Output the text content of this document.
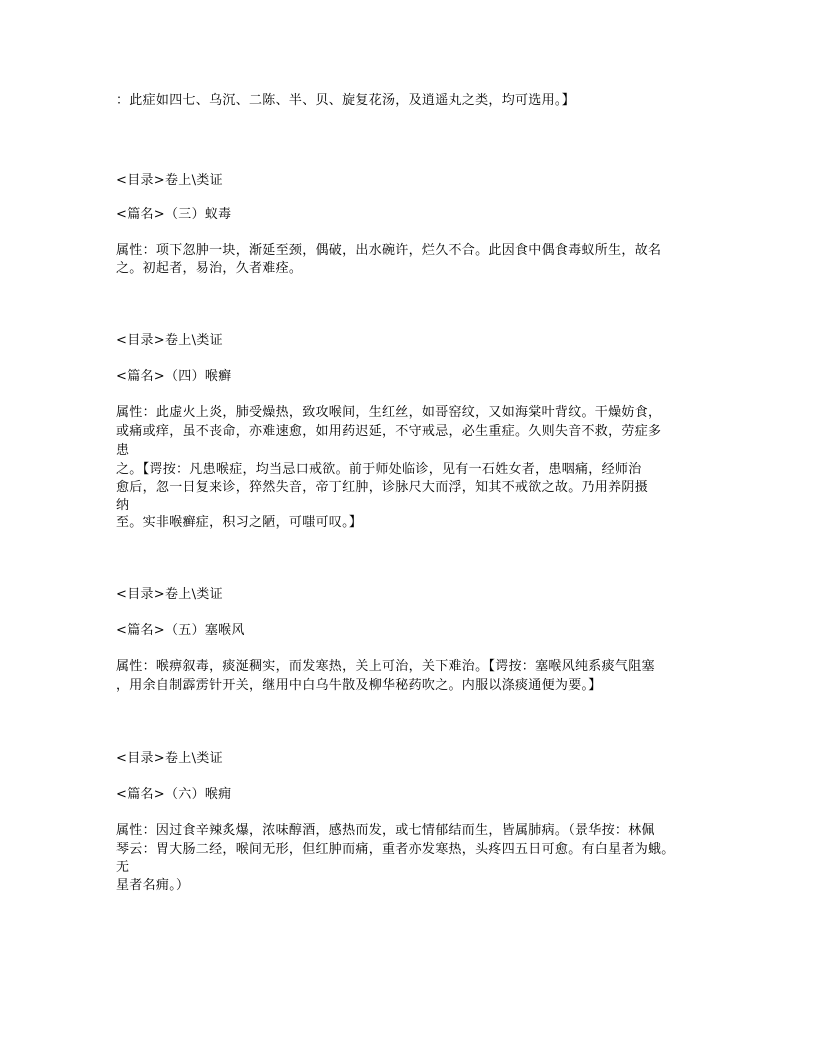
：此症如四七、乌沉、二陈、半、贝、旋复花汤，及逍遥丸之类，均可选用。】
<目录>卷上\类证
<篇名>（三）蚁毒
属性：项下忽肿一块，渐延至颈，偶破，出水碗许，烂久不合。此因食中偶食毒蚁所生，故名
之。初起者，易治，久者难痊。
<目录>卷上\类证
<篇名>（四）喉癣
属性：此虚火上炎，肺受燥热，致攻喉间，生红丝，如哥窑纹，又如海棠叶背纹。干燥妨食，
或痛或痒，虽不丧命，亦难速愈，如用药迟延，不守戒忌，必生重症。久则失音不救，劳症多
患
之。【谔按：凡患喉症，均当忌口戒欲。前于师处临诊，见有一石姓女者，患咽痛，经师治
愈后，忽一日复来诊，猝然失音，帝丁红肿，诊脉尺大而浮，知其不戒欲之故。乃用养阴摄
纳
至。实非喉癣症，积习之陋，可嗤可叹。】
<目录>卷上\类证
<篇名>（五）塞喉风
属性：喉痹叙毒，痰涎稠实，而发寒热，关上可治，关下难治。【谔按：塞喉风纯系痰气阻塞
，用余自制霹雳针开关，继用中白乌牛散及柳华秘药吹之。内服以涤痰通便为要。】
<目录>卷上\类证
<篇名>（六）喉痈
属性：因过食辛辣炙爆，浓味醇酒，感热而发，或七情郁结而生，皆属肺病。（景华按：林佩
琴云：胃大肠二经，喉间无形，但红肿而痛，重者亦发寒热，头疼四五日可愈。有白星者为蛾。
无
星者名痈。）
